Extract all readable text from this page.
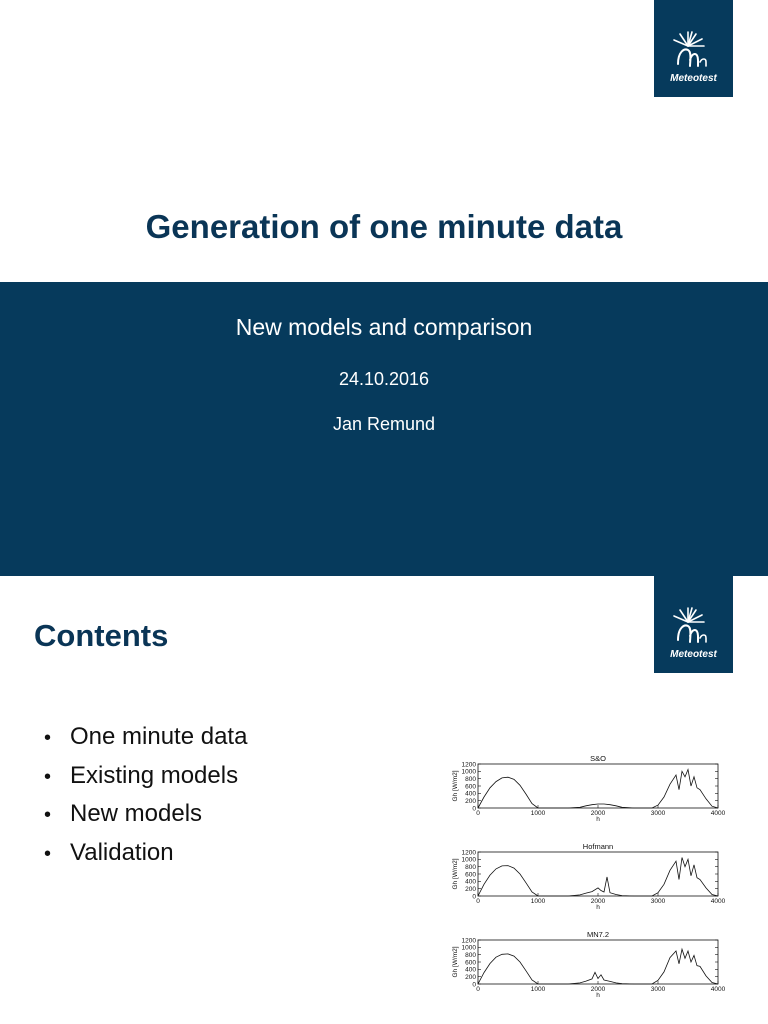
Meteotest
Generation of one minute data
New models and comparison
24.10.2016
Jan Remund
Meteotest
Contents
• One minute data
• Existing models
• New models
• Validation
S&O
0
200
400
600
800
1000
1200
0	1000	2000	3000	4000
h
Gh [W/m2]
Hofmann
0
200
400
600
800
1000
1200
0	1000	2000	3000	4000
h
Gh [W/m2]
MN7.2
0
200
400
600
800
1000
1200
0	1000	2000	3000	4000
h
Gh [W/m2]
